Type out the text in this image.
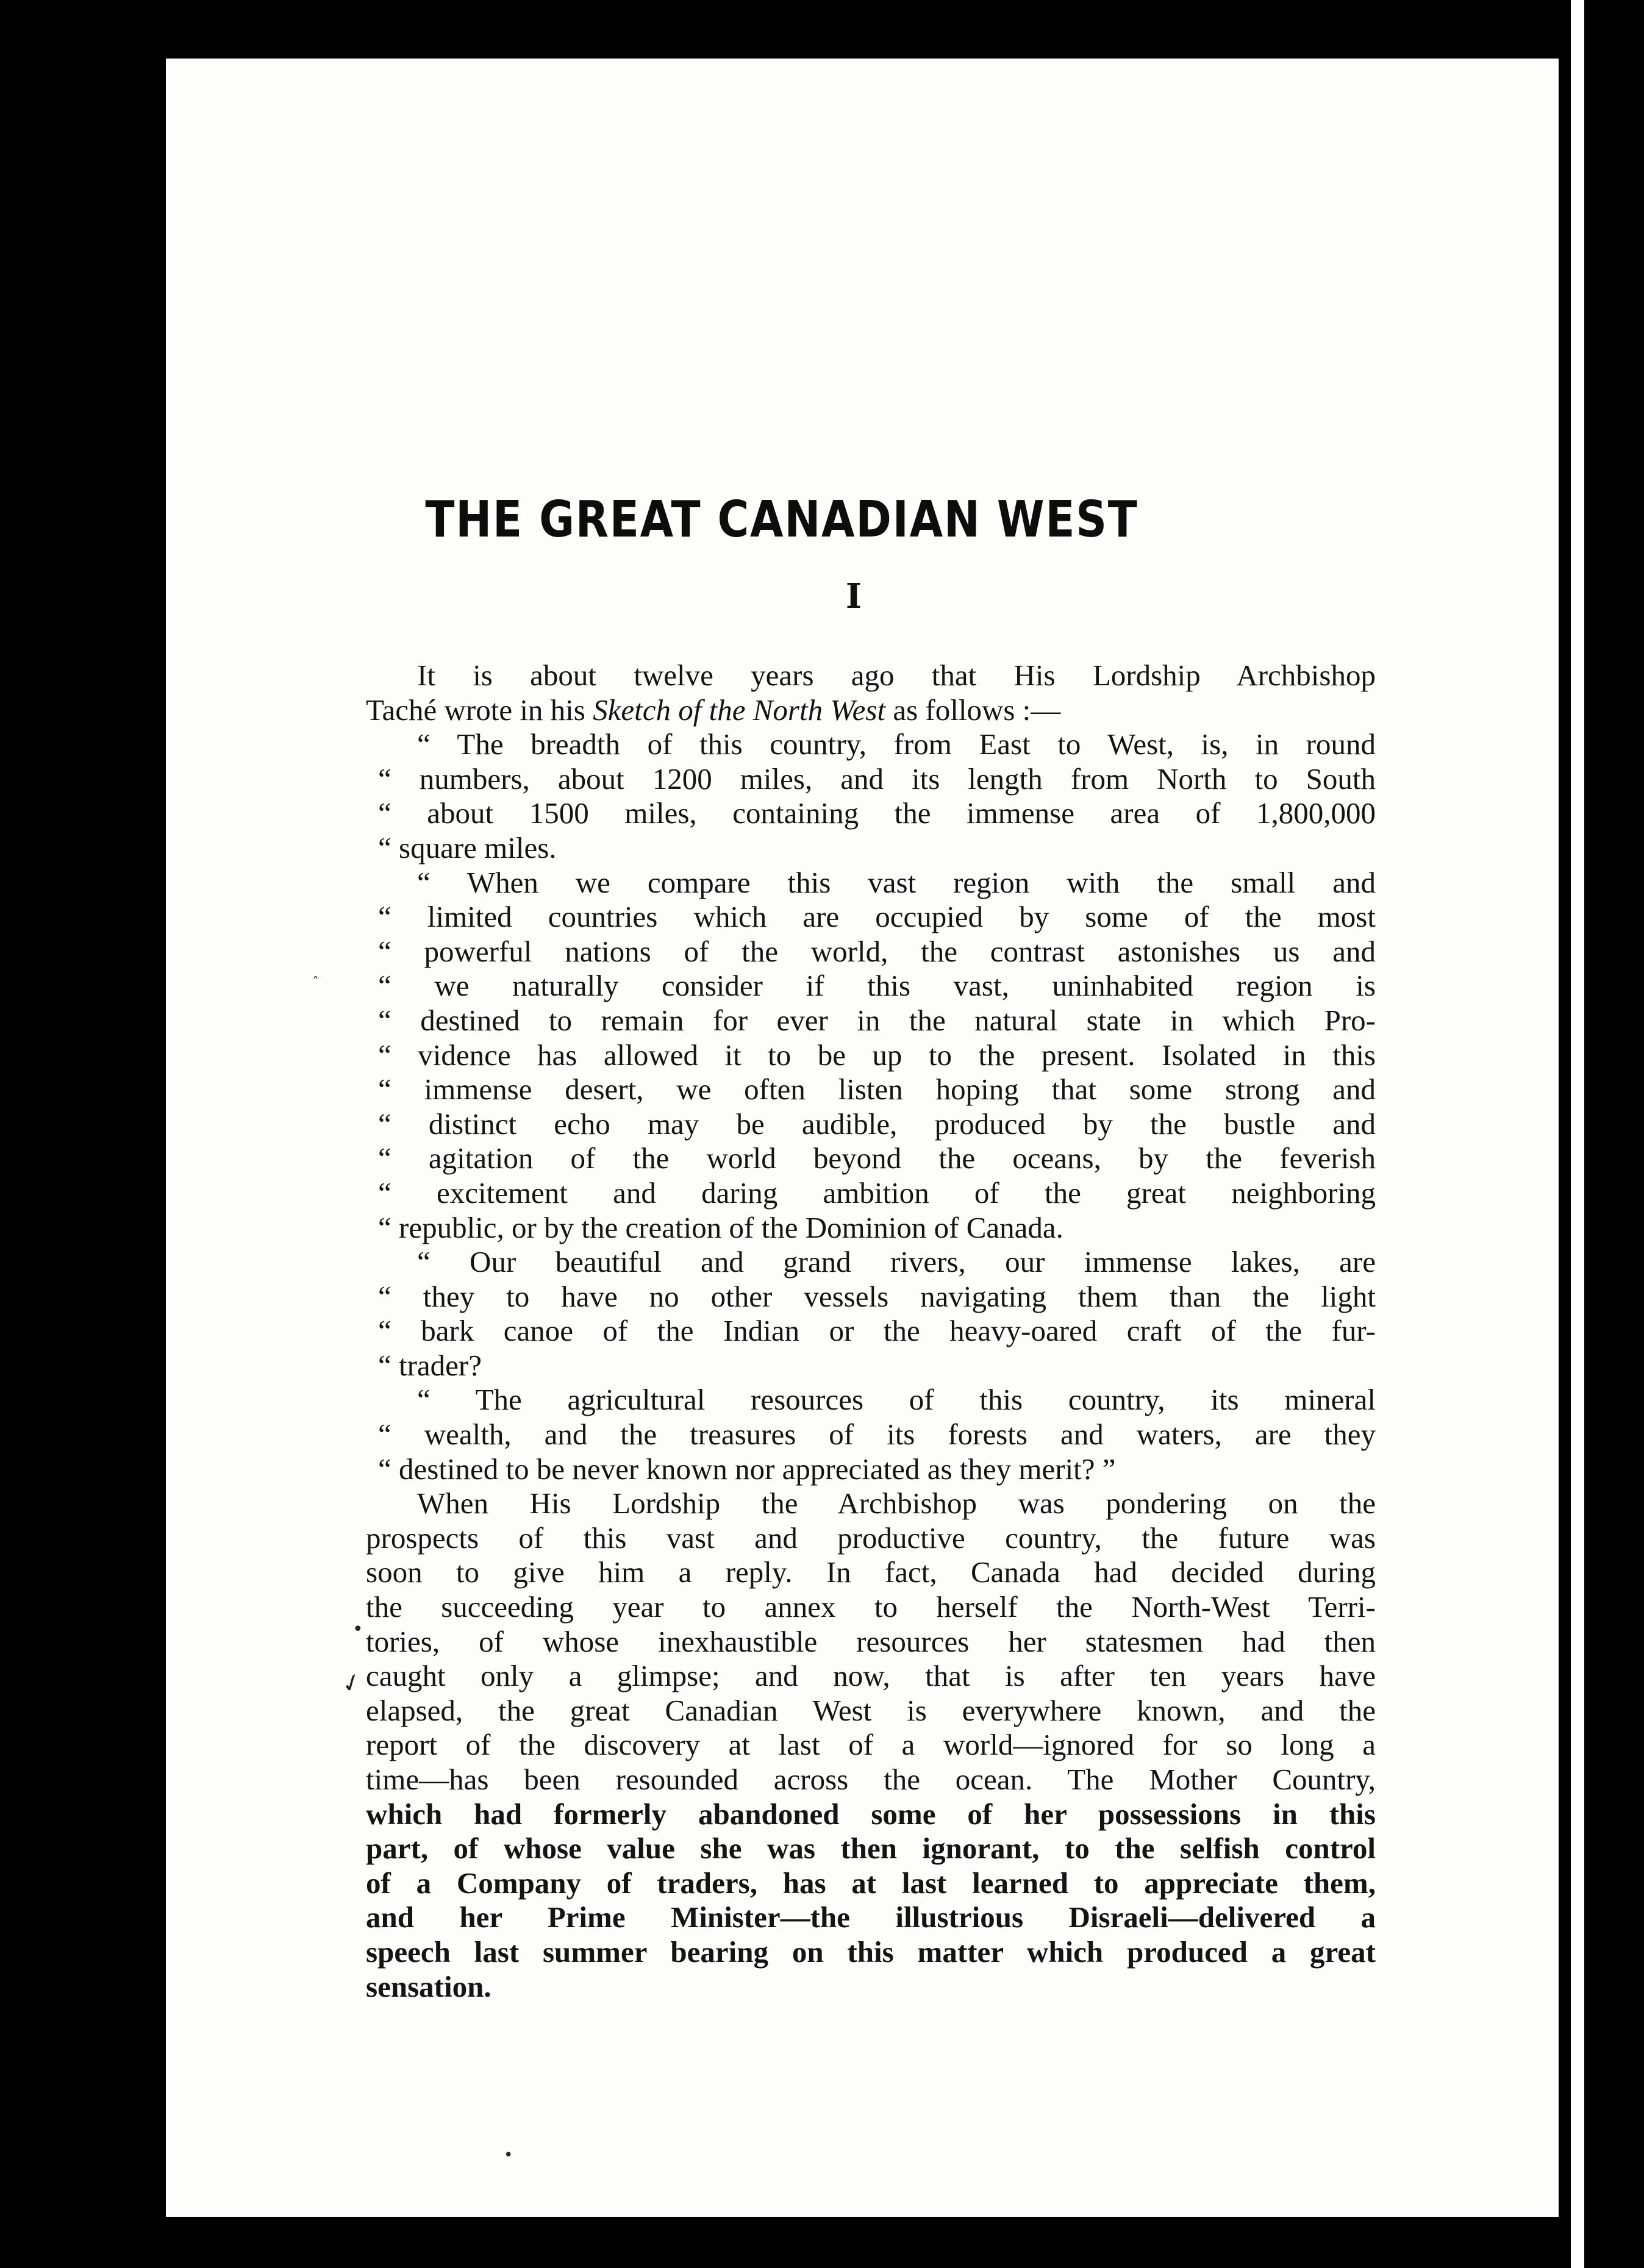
THE GREAT CANADIAN WEST
I
It is about twelve years ago that His Lordship Archbishop
Taché wrote in his Sketch of the North West as follows :—
“ The breadth of this country, from East to West, is, in round
“ numbers, about 1200 miles, and its length from North to South
“ about 1500 miles, containing the immense area of 1,800,000
“ square miles.
“ When we compare this vast region with the small and
“ limited countries which are occupied by some of the most
“ powerful nations of the world, the contrast astonishes us and
“ we naturally consider if this vast, uninhabited region is
“ destined to remain for ever in the natural state in which Pro-
“ vidence has allowed it to be up to the present. Isolated in this
“ immense desert, we often listen hoping that some strong and
“ distinct echo may be audible, produced by the bustle and
“ agitation of the world beyond the oceans, by the feverish
“ excitement and daring ambition of the great neighboring
“ republic, or by the creation of the Dominion of Canada.
“ Our beautiful and grand rivers, our immense lakes, are
“ they to have no other vessels navigating them than the light
“ bark canoe of the Indian or the heavy-oared craft of the fur-
“ trader?
“ The agricultural resources of this country, its mineral
“ wealth, and the treasures of its forests and waters, are they
“ destined to be never known nor appreciated as they merit? ”
When His Lordship the Archbishop was pondering on the
prospects of this vast and productive country, the future was
soon to give him a reply. In fact, Canada had decided during
the succeeding year to annex to herself the North-West Terri-
tories, of whose inexhaustible resources her statesmen had then
caught only a glimpse; and now, that is after ten years have
elapsed, the great Canadian West is everywhere known, and the
report of the discovery at last of a world—ignored for so long a
time—has been resounded across the ocean. The Mother Country,
which had formerly abandoned some of her possessions in this
part, of whose value she was then ignorant, to the selfish control
of a Company of traders, has at last learned to appreciate them,
and her Prime Minister—the illustrious Disraeli—delivered a
speech last summer bearing on this matter which produced a great
sensation.
ˆ
•
✓
•
